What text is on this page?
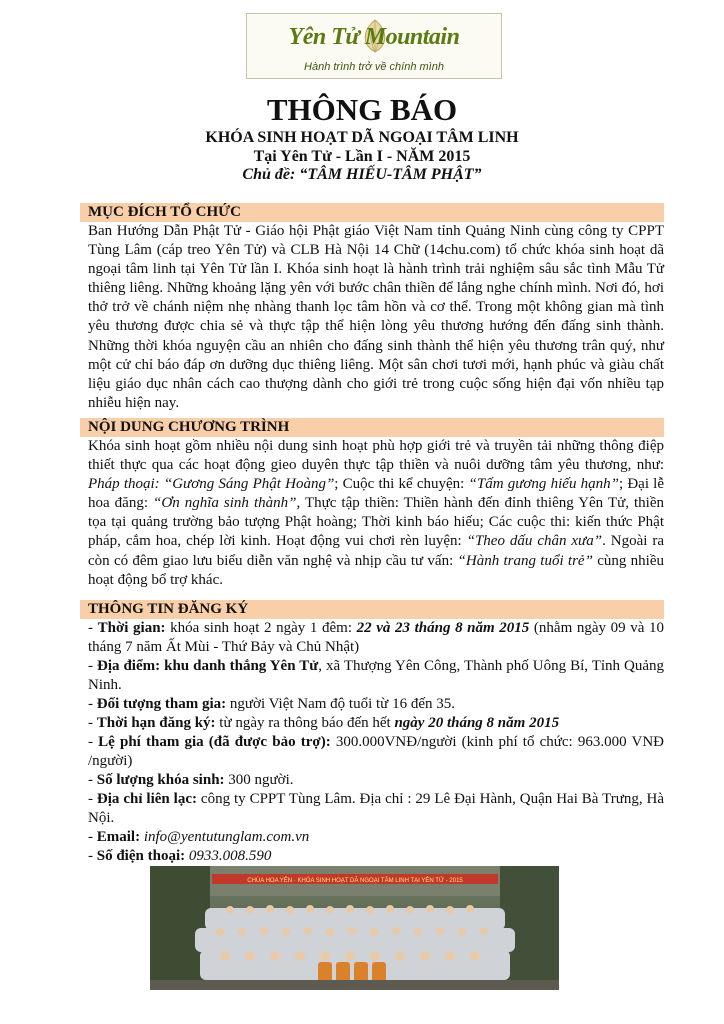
Yên Tử Mountain
Hành trình trở về chính mình
THÔNG BÁO
KHÓA SINH HOẠT DÃ NGOẠI TÂM LINH
Tại Yên Tử - Lần I - NĂM 2015
Chủ đề: “TÂM HIẾU-TÂM PHẬT”
MỤC ĐÍCH TỔ CHỨC
Ban Hướng Dẫn Phật Tử - Giáo hội Phật giáo Việt Nam tỉnh Quảng Ninh cùng công ty CPPT Tùng Lâm (cáp treo Yên Tử) và CLB Hà Nội 14 Chữ (14chu.com) tổ chức khóa sinh hoạt dã ngoại tâm linh tại Yên Tử lần I. Khóa sinh hoạt là hành trình trải nghiệm sâu sắc tình Mẫu Tử thiêng liêng. Những khoảng lặng yên với bước chân thiền để lắng nghe chính mình. Nơi đó, hơi thở trở về chánh niệm nhẹ nhàng thanh lọc tâm hồn và cơ thể. Trong một không gian mà tình yêu thương được chia sẻ và thực tập thể hiện lòng yêu thương hướng đến đấng sinh thành. Những thời khóa nguyện cầu an nhiên cho đấng sinh thành thể hiện yêu thương trân quý, như một cử chỉ báo đáp ơn dưỡng dục thiêng liêng. Một sân chơi tươi mới, hạnh phúc và giàu chất liệu giáo dục nhân cách cao thượng dành cho giới trẻ trong cuộc sống hiện đại vốn nhiều tạp nhiễu hiện nay.
NỘI DUNG CHƯƠNG TRÌNH
Khóa sinh hoạt gồm nhiều nội dung sinh hoạt phù hợp giới trẻ và truyền tải những thông điệp thiết thực qua các hoạt động gieo duyên thực tập thiền và nuôi dưỡng tâm yêu thương, như: Pháp thoại: “Gương Sáng Phật Hoàng”; Cuộc thi kể chuyện: “Tấm gương hiếu hạnh”; Đại lễ hoa đăng: “Ơn nghĩa sinh thành”, Thực tập thiền: Thiền hành đến đỉnh thiêng Yên Tử, thiền tọa tại quảng trường bảo tượng Phật hoàng; Thời kinh báo hiếu; Các cuộc thi: kiến thức Phật pháp, cắm hoa, chép lời kinh. Hoạt động vui chơi rèn luyện: “Theo dấu chân xưa”. Ngoài ra còn có đêm giao lưu biểu diễn văn nghệ và nhịp cầu tư vấn: “Hành trang tuổi trẻ” cùng nhiều hoạt động bổ trợ khác.
THÔNG TIN ĐĂNG KÝ
- Thời gian: khóa sinh hoạt 2 ngày 1 đêm: 22 và 23 tháng 8 năm 2015 (nhằm ngày 09 và 10 tháng 7 năm Ất Mùi - Thứ Bảy và Chủ Nhật)
- Địa điểm: khu danh thắng Yên Tử, xã Thượng Yên Công, Thành phố Uông Bí, Tỉnh Quảng Ninh.
- Đối tượng tham gia: người Việt Nam độ tuổi từ 16 đến 35.
- Thời hạn đăng ký: từ ngày ra thông báo đến hết ngày 20 tháng 8 năm 2015
- Lệ phí tham gia (đã được bảo trợ): 300.000VNĐ/người (kinh phí tổ chức: 963.000 VNĐ /người)
- Số lượng khóa sinh: 300 người.
- Địa chỉ liên lạc: công ty CPPT Tùng Lâm. Địa chỉ : 29 Lê Đại Hành, Quận Hai Bà Trưng, Hà Nội.
- Email: info@yentutunglam.com.vn
- Số điện thoại: 0933.008.590
CHÙA HOA YÊN · KHÓA SINH HOẠT DÃ NGOẠI TÂM LINH TẠI YÊN TỬ - 2015
